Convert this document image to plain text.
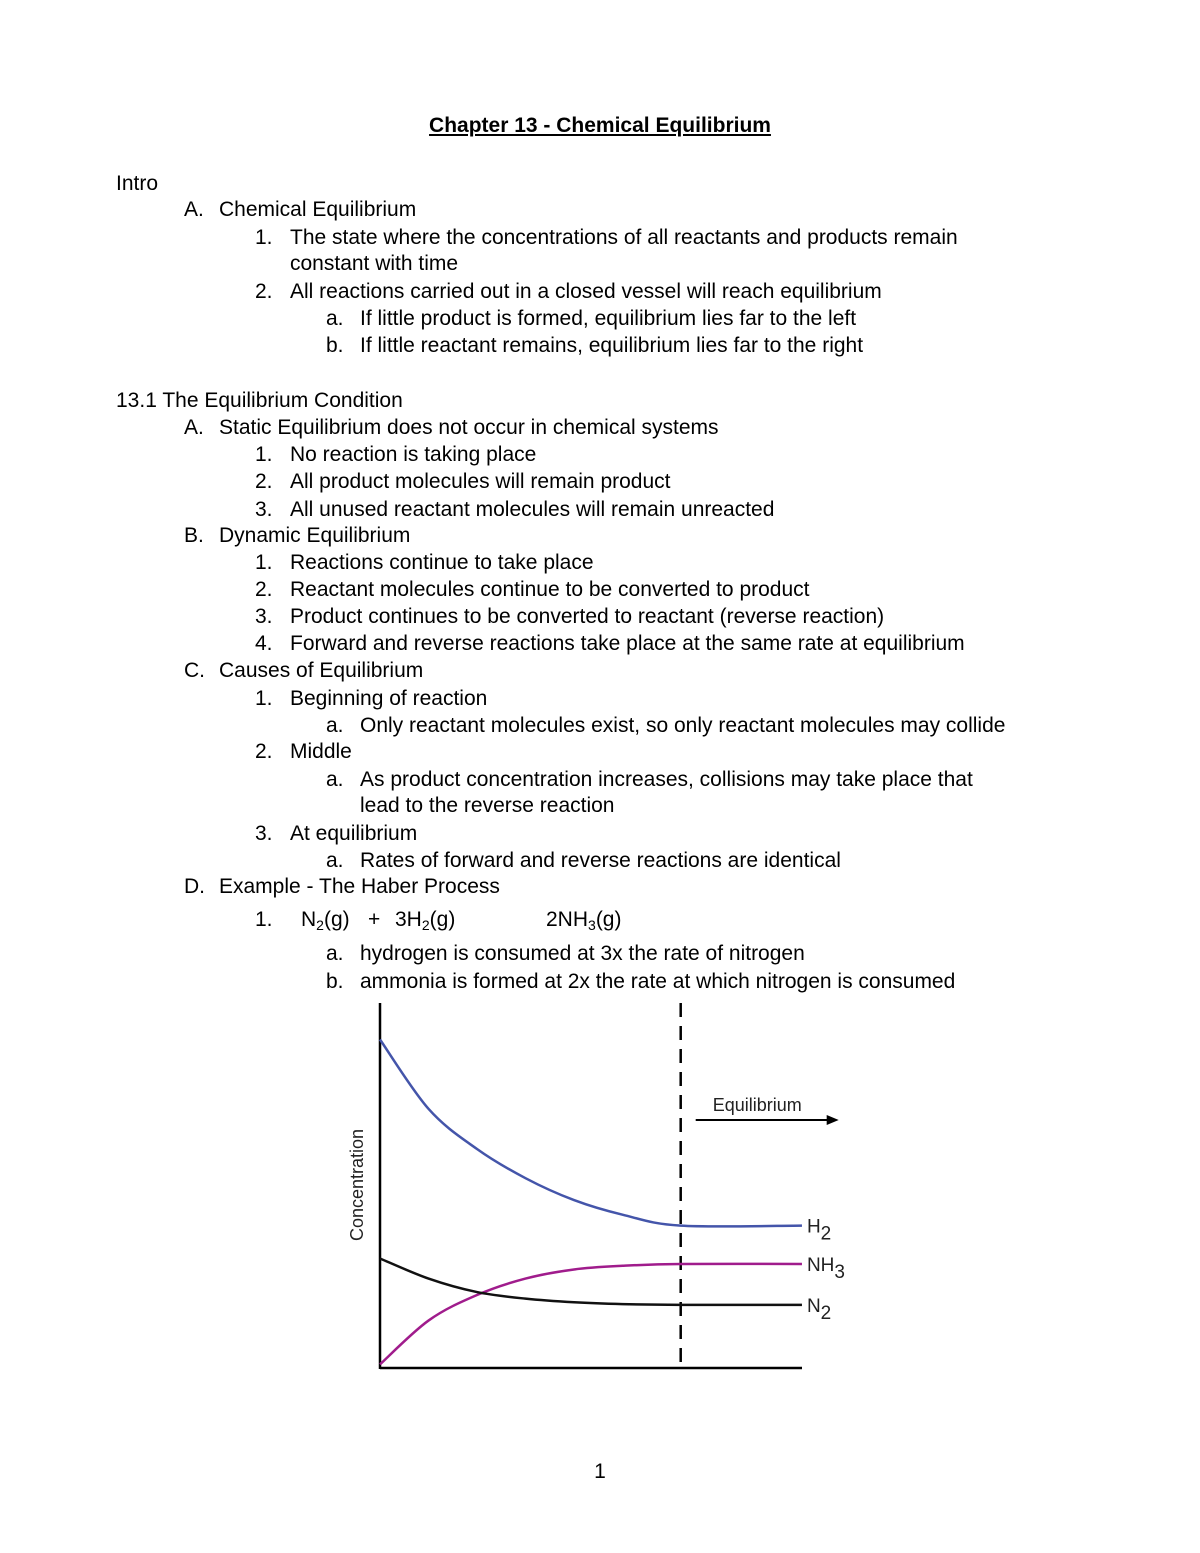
Chapter 13 - Chemical Equilibrium
Intro
A. Chemical Equilibrium
1. The state where the concentrations of all reactants and products remain
constant with time
2. All reactions carried out in a closed vessel will reach equilibrium
a. If little product is formed, equilibrium lies far to the left
b. If little reactant remains, equilibrium lies far to the right
13.1 The Equilibrium Condition
A. Static Equilibrium does not occur in chemical systems
1. No reaction is taking place
2. All product molecules will remain product
3. All unused reactant molecules will remain unreacted
B. Dynamic Equilibrium
1. Reactions continue to take place
2. Reactant molecules continue to be converted to product
3. Product continues to be converted to reactant (reverse reaction)
4. Forward and reverse reactions take place at the same rate at equilibrium
C. Causes of Equilibrium
1. Beginning of reaction
a. Only reactant molecules exist, so only reactant molecules may collide
2. Middle
a. As product concentration increases, collisions may take place that
lead to the reverse reaction
3. At equilibrium
a. Rates of forward and reverse reactions are identical
D. Example - The Haber Process
1. $N_2(g) + 3H_2(g)$	$2NH_3(g)$
a. hydrogen is consumed at 3x the rate of nitrogen
b. ammonia is formed at 2x the rate at which nitrogen is consumed
Equilibrium
Concentration	H2
NH3
N2
1
